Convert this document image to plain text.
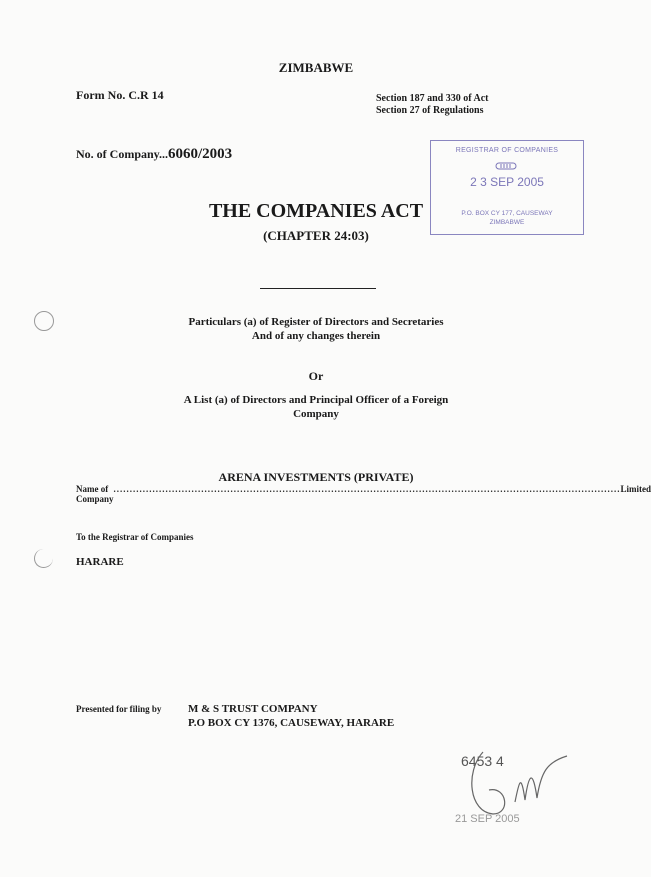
ZIMBABWE
Form No. C.R 14	Section 187 and 330 of Act
Section 27 of Regulations
No. of Company...6060/2003	REGISTRAR OF COMPANIES
2 3 SEP 2005
P.O. BOX CY 177, CAUSEWAY
ZIMBABWE
THE COMPANIES ACT
(CHAPTER 24:03)
Particulars (a) of Register of Directors and Secretaries
And of any changes therein
Or
A List (a) of Directors and Principal Officer of a Foreign
Company
ARENA INVESTMENTS (PRIVATE)
Name of Company
............................................................................................................................................................ Limited
To the Registrar of Companies
HARARE
Presented for filing by M & S TRUST COMPANY
P.O BOX CY 1376, CAUSEWAY, HARARE
6453 4
21 SEP 2005
